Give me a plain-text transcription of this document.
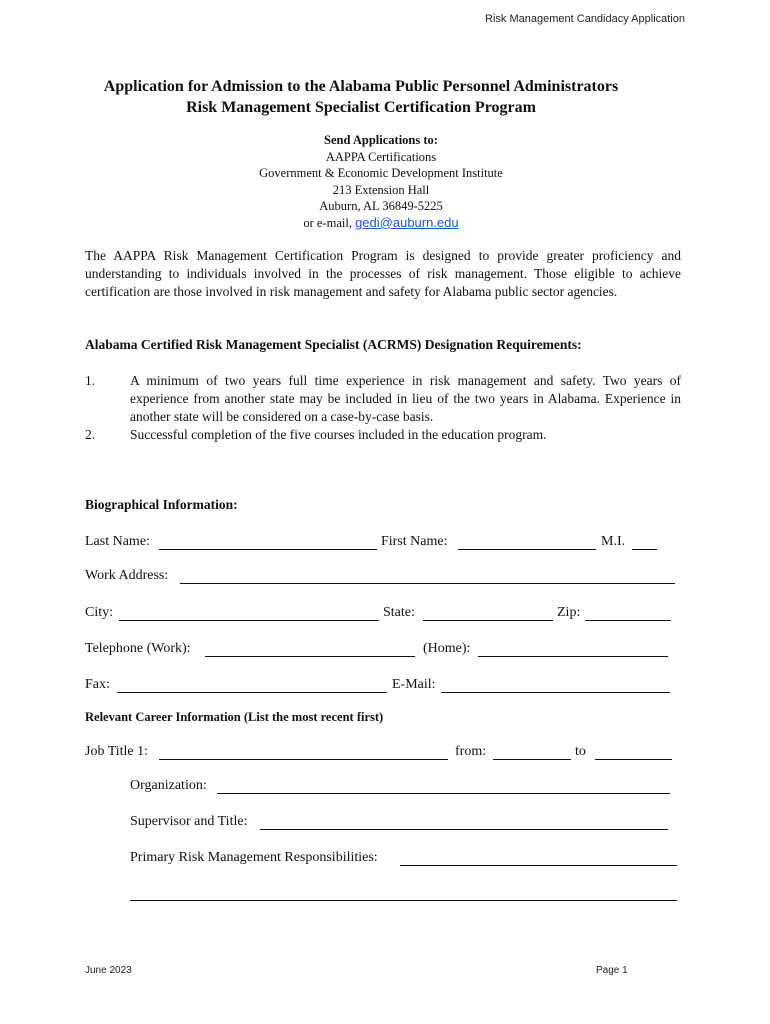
Risk Management Candidacy Application
Application for Admission to the Alabama Public Personnel Administrators
Risk Management Specialist Certification Program
Send Applications to:
AAPPA Certifications
Government & Economic Development Institute
213 Extension Hall
Auburn, AL 36849-5225
or e-mail, gedi@auburn.edu
The AAPPA Risk Management Certification Program is designed to provide greater proficiency and understanding to individuals involved in the processes of risk management. Those eligible to achieve certification are those involved in risk management and safety for Alabama public sector agencies.
Alabama Certified Risk Management Specialist (ACRMS) Designation Requirements:
1.	A minimum of two years full time experience in risk management and safety. Two years of experience from another state may be included in lieu of the two years in Alabama. Experience in another state will be considered on a case-by-case basis.
2.	Successful completion of the five courses included in the education program.
Biographical Information:
Last Name:	First Name:	M.I.
Work Address:
City:	State:	Zip:
Telephone (Work):	(Home):
Fax:	E-Mail:
Relevant Career Information (List the most recent first)
Job Title 1:	from:	to
Organization:
Supervisor and Title:
Primary Risk Management Responsibilities:
June 2023	Page 1
